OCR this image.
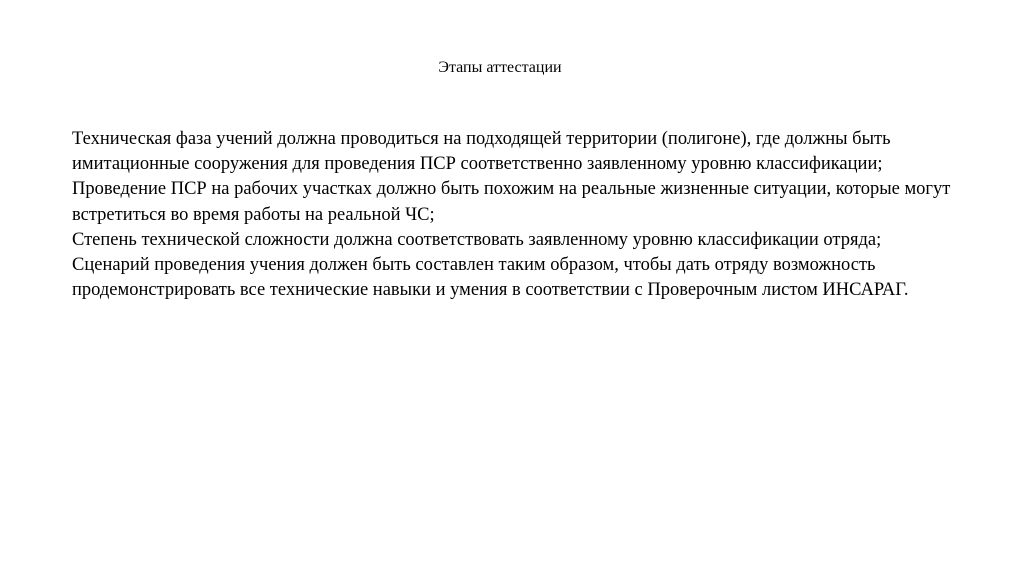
Этапы аттестации

Техническая фаза учений должна проводиться на подходящей территории (полигоне), где должны быть имитационные сооружения для проведения ПСР соответственно заявленному уровню классификации;

Проведение ПСР на рабочих участках должно быть похожим на реальные жизненные ситуации, которые могут встретиться во время работы на реальной ЧС;

Степень технической сложности должна соответствовать заявленному уровню классификации отряда;

Сценарий проведения учения должен быть составлен таким образом, чтобы дать отряду возможность продемонстрировать все технические навыки и умения в соответствии с Проверочным листом ИНСАРАГ.
